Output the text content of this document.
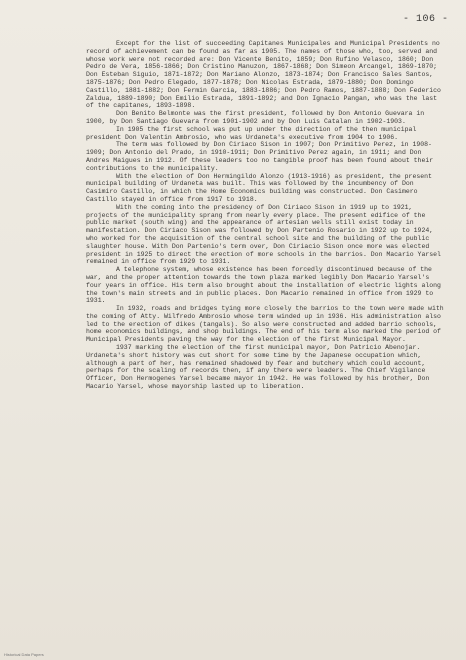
- 106 -

Except for the list of succeeding Capitanes Municipales and Municipal Presidents no record of achievement can be found as far as 1905. The names of those who, too, served and whose work were not recorded are: Don Vicente Benito, 1859; Don Rufino Velasco, 1860; Don Pedro de Vera, 1856-1866; Don Cristino Manuzon, 1867-1868; Don Simeon Arcangel, 1869-1870; Don Esteban Siguio, 1871-1872; Don Mariano Alonzo, 1873-1874; Don Francisco Sales Santos, 1875-1876; Don Pedro Elegado, 1877-1878; Don Nicolas Estrada, 1879-1880; Don Domingo Castillo, 1881-1882; Don Fermin Garcia, 1883-1886; Don Pedro Ramos, 1887-1888; Don Federico Zaldua, 1889-1890; Don Emilio Estrada, 1891-1892; and Don Ignacio Pangan, who was the last of the capitanes, 1893-1898.

Don Benito Belmonte was the first president, followed by Don Antonio Guevara in 1900, by Don Santiago Guevara from 1901-1902 and by Don Luis Catalan in 1902-1903.

In 1905 the first school was put up under the direction of the then municipal president Don Valentin Ambrosio, who was Urdaneta's executive from 1904 to 1906.

The term was followed by Don Ciriaco Sison in 1907; Don Primitivo Perez, in 1908-1909; Don Antonio del Prado, in 1910-1911; Don Primitivo Perez again, in 1911; and Don Andres Maigues in 1912. Of these leaders too no tangible proof has been found about their contributions to the municipality.

With the election of Don Hermingildo Alonzo (1913-1916) as president, the present municipal building of Urdaneta was built. This was followed by the incumbency of Don Casimiro Castillo, in which the Home Economics building was constructed. Don Casimero Castillo stayed in office from 1917 to 1918.

With the coming into the presidency of Don Ciriaco Sison in 1919 up to 1921, projects of the municipality sprang from nearly every place. The present edifice of the public market (south wing) and the appearance of artesian wells still exist today in manifestation. Don Ciriaco Sison was followed by Don Partenio Rosario in 1922 up to 1924, who worked for the acquisition of the central school site and the building of the public slaughter house. With Don Partenio's term over, Don Ciriacio Sison once more was elected president in 1925 to direct the erection of more schools in the barrios. Don Macario Yarsel remained in office from 1929 to 1931.

A telephone system, whose existence has been forcedly discontinued because of the war, and the proper attention towards the town plaza marked legibly Don Macario Yarsel's four years in office. His term also brought about the installation of electric lights along the town's main streets and in public places. Don Macario remained in office from 1929 to 1931.

In 1932, roads and bridges tying more closely the barrios to the town were made with the coming of Atty. Wilfredo Ambrosio whose term winded up in 1936. His administration also led to the erection of dikes (tangals). So also were constructed and added barrio schools, home economics buildings, and shop buildings. The end of his term also marked the period of Municipal Presidents paving the way for the election of the first Municipal Mayor.

1937 marking the election of the first municipal mayor, Don Patricio Abenojar. Urdaneta's short history was cut short for some time by the Japanese occupation which, although a part of her, has remained shadowed by fear and butchery which could account, perhaps for the scaling of records then, if any there were leaders. The Chief Vigilance Officer, Don Hermogenes Yarsel became mayor in 1942. He was followed by his brother, Don Macario Yarsel, whose mayorship lasted up to liberation.

Historical Data Papers
